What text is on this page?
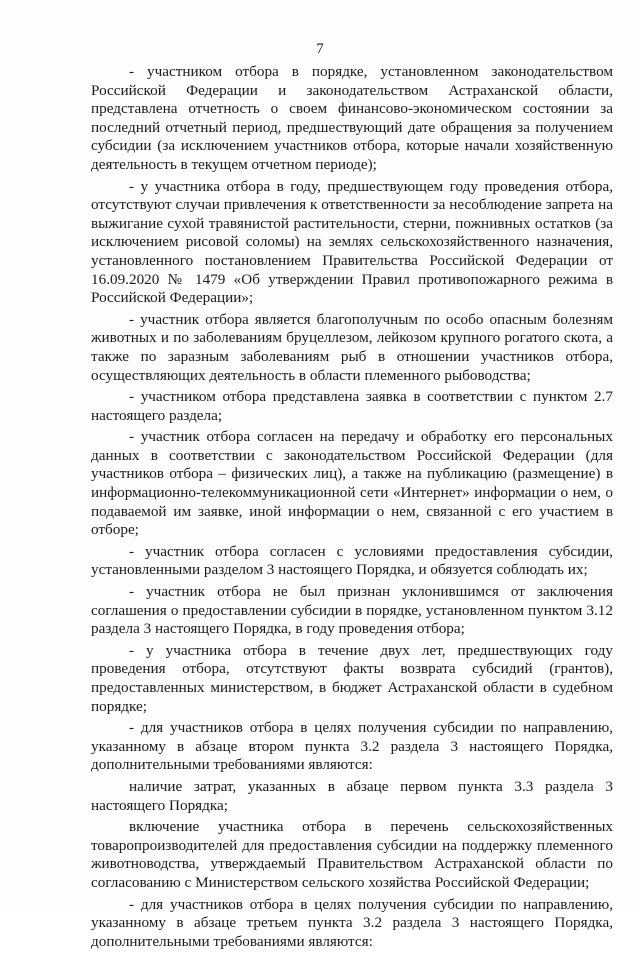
7

- участником отбора в порядке, установленном законодательством Российской Федерации и законодательством Астраханской области, представлена отчетность о своем финансово-экономическом состоянии за последний отчетный период, предшествующий дате обращения за получением субсидии (за исключением участников отбора, которые начали хозяйственную деятельность в текущем отчетном периоде);

- у участника отбора в году, предшествующем году проведения отбора, отсутствуют случаи привлечения к ответственности за несоблюдение запрета на выжигание сухой травянистой растительности, стерни, пожнивных остатков (за исключением рисовой соломы) на землях сельскохозяйственного назначения, установленного постановлением Правительства Российской Федерации от 16.09.2020 № 1479 «Об утверждении Правил противопожарного режима в Российской Федерации»;

- участник отбора является благополучным по особо опасным болезням животных и по заболеваниям бруцеллезом, лейкозом крупного рогатого скота, а также по заразным заболеваниям рыб в отношении участников отбора, осуществляющих деятельность в области племенного рыбоводства;

- участником отбора представлена заявка в соответствии с пунктом 2.7 настоящего раздела;

- участник отбора согласен на передачу и обработку его персональных данных в соответствии с законодательством Российской Федерации (для участников отбора – физических лиц), а также на публикацию (размещение) в информационно-телекоммуникационной сети «Интернет» информации о нем, о подаваемой им заявке, иной информации о нем, связанной с его участием в отборе;

- участник отбора согласен с условиями предоставления субсидии, установленными разделом 3 настоящего Порядка, и обязуется соблюдать их;

- участник отбора не был признан уклонившимся от заключения соглашения о предоставлении субсидии в порядке, установленном пунктом 3.12 раздела 3 настоящего Порядка, в году проведения отбора;

- у участника отбора в течение двух лет, предшествующих году проведения отбора, отсутствуют факты возврата субсидий (грантов), предоставленных министерством, в бюджет Астраханской области в судебном порядке;

- для участников отбора в целях получения субсидии по направлению, указанному в абзаце втором пункта 3.2 раздела 3 настоящего Порядка, дополнительными требованиями являются:

наличие затрат, указанных в абзаце первом пункта 3.3 раздела 3 настоящего Порядка;

включение участника отбора в перечень сельскохозяйственных товаропроизводителей для предоставления субсидии на поддержку племенного животноводства, утверждаемый Правительством Астраханской области по согласованию с Министерством сельского хозяйства Российской Федерации;

- для участников отбора в целях получения субсидии по направлению, указанному в абзаце третьем пункта 3.2 раздела 3 настоящего Порядка, дополнительными требованиями являются:
